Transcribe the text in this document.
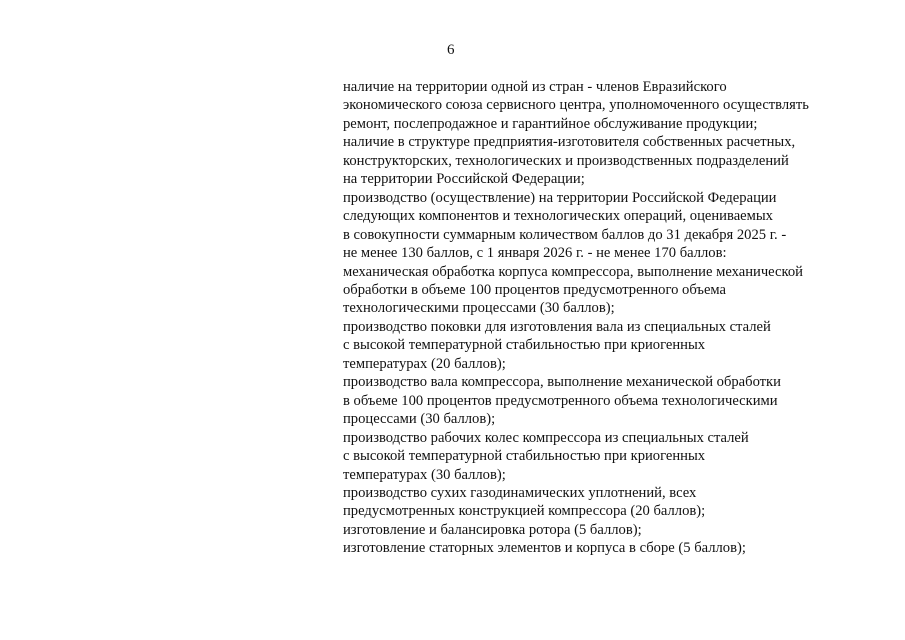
6
наличие на территории одной из стран - членов Евразийского
экономического союза сервисного центра, уполномоченного осуществлять
ремонт, послепродажное и гарантийное обслуживание продукции;
наличие в структуре предприятия-изготовителя собственных расчетных,
конструкторских, технологических и производственных подразделений
на территории Российской Федерации;
производство (осуществление) на территории Российской Федерации
следующих компонентов и технологических операций, оцениваемых
в совокупности суммарным количеством баллов до 31 декабря 2025 г. -
не менее 130 баллов, с 1 января 2026 г. - не менее 170 баллов:
механическая обработка корпуса компрессора, выполнение механической
обработки в объеме 100 процентов предусмотренного объема
технологическими процессами (30 баллов);
производство поковки для изготовления вала из специальных сталей
с высокой температурной стабильностью при криогенных
температурах (20 баллов);
производство вала компрессора, выполнение механической обработки
в объеме 100 процентов предусмотренного объема технологическими
процессами (30 баллов);
производство рабочих колес компрессора из специальных сталей
с высокой температурной стабильностью при криогенных
температурах (30 баллов);
производство сухих газодинамических уплотнений, всех
предусмотренных конструкцией компрессора (20 баллов);
изготовление и балансировка ротора (5 баллов);
изготовление статорных элементов и корпуса в сборе (5 баллов);
